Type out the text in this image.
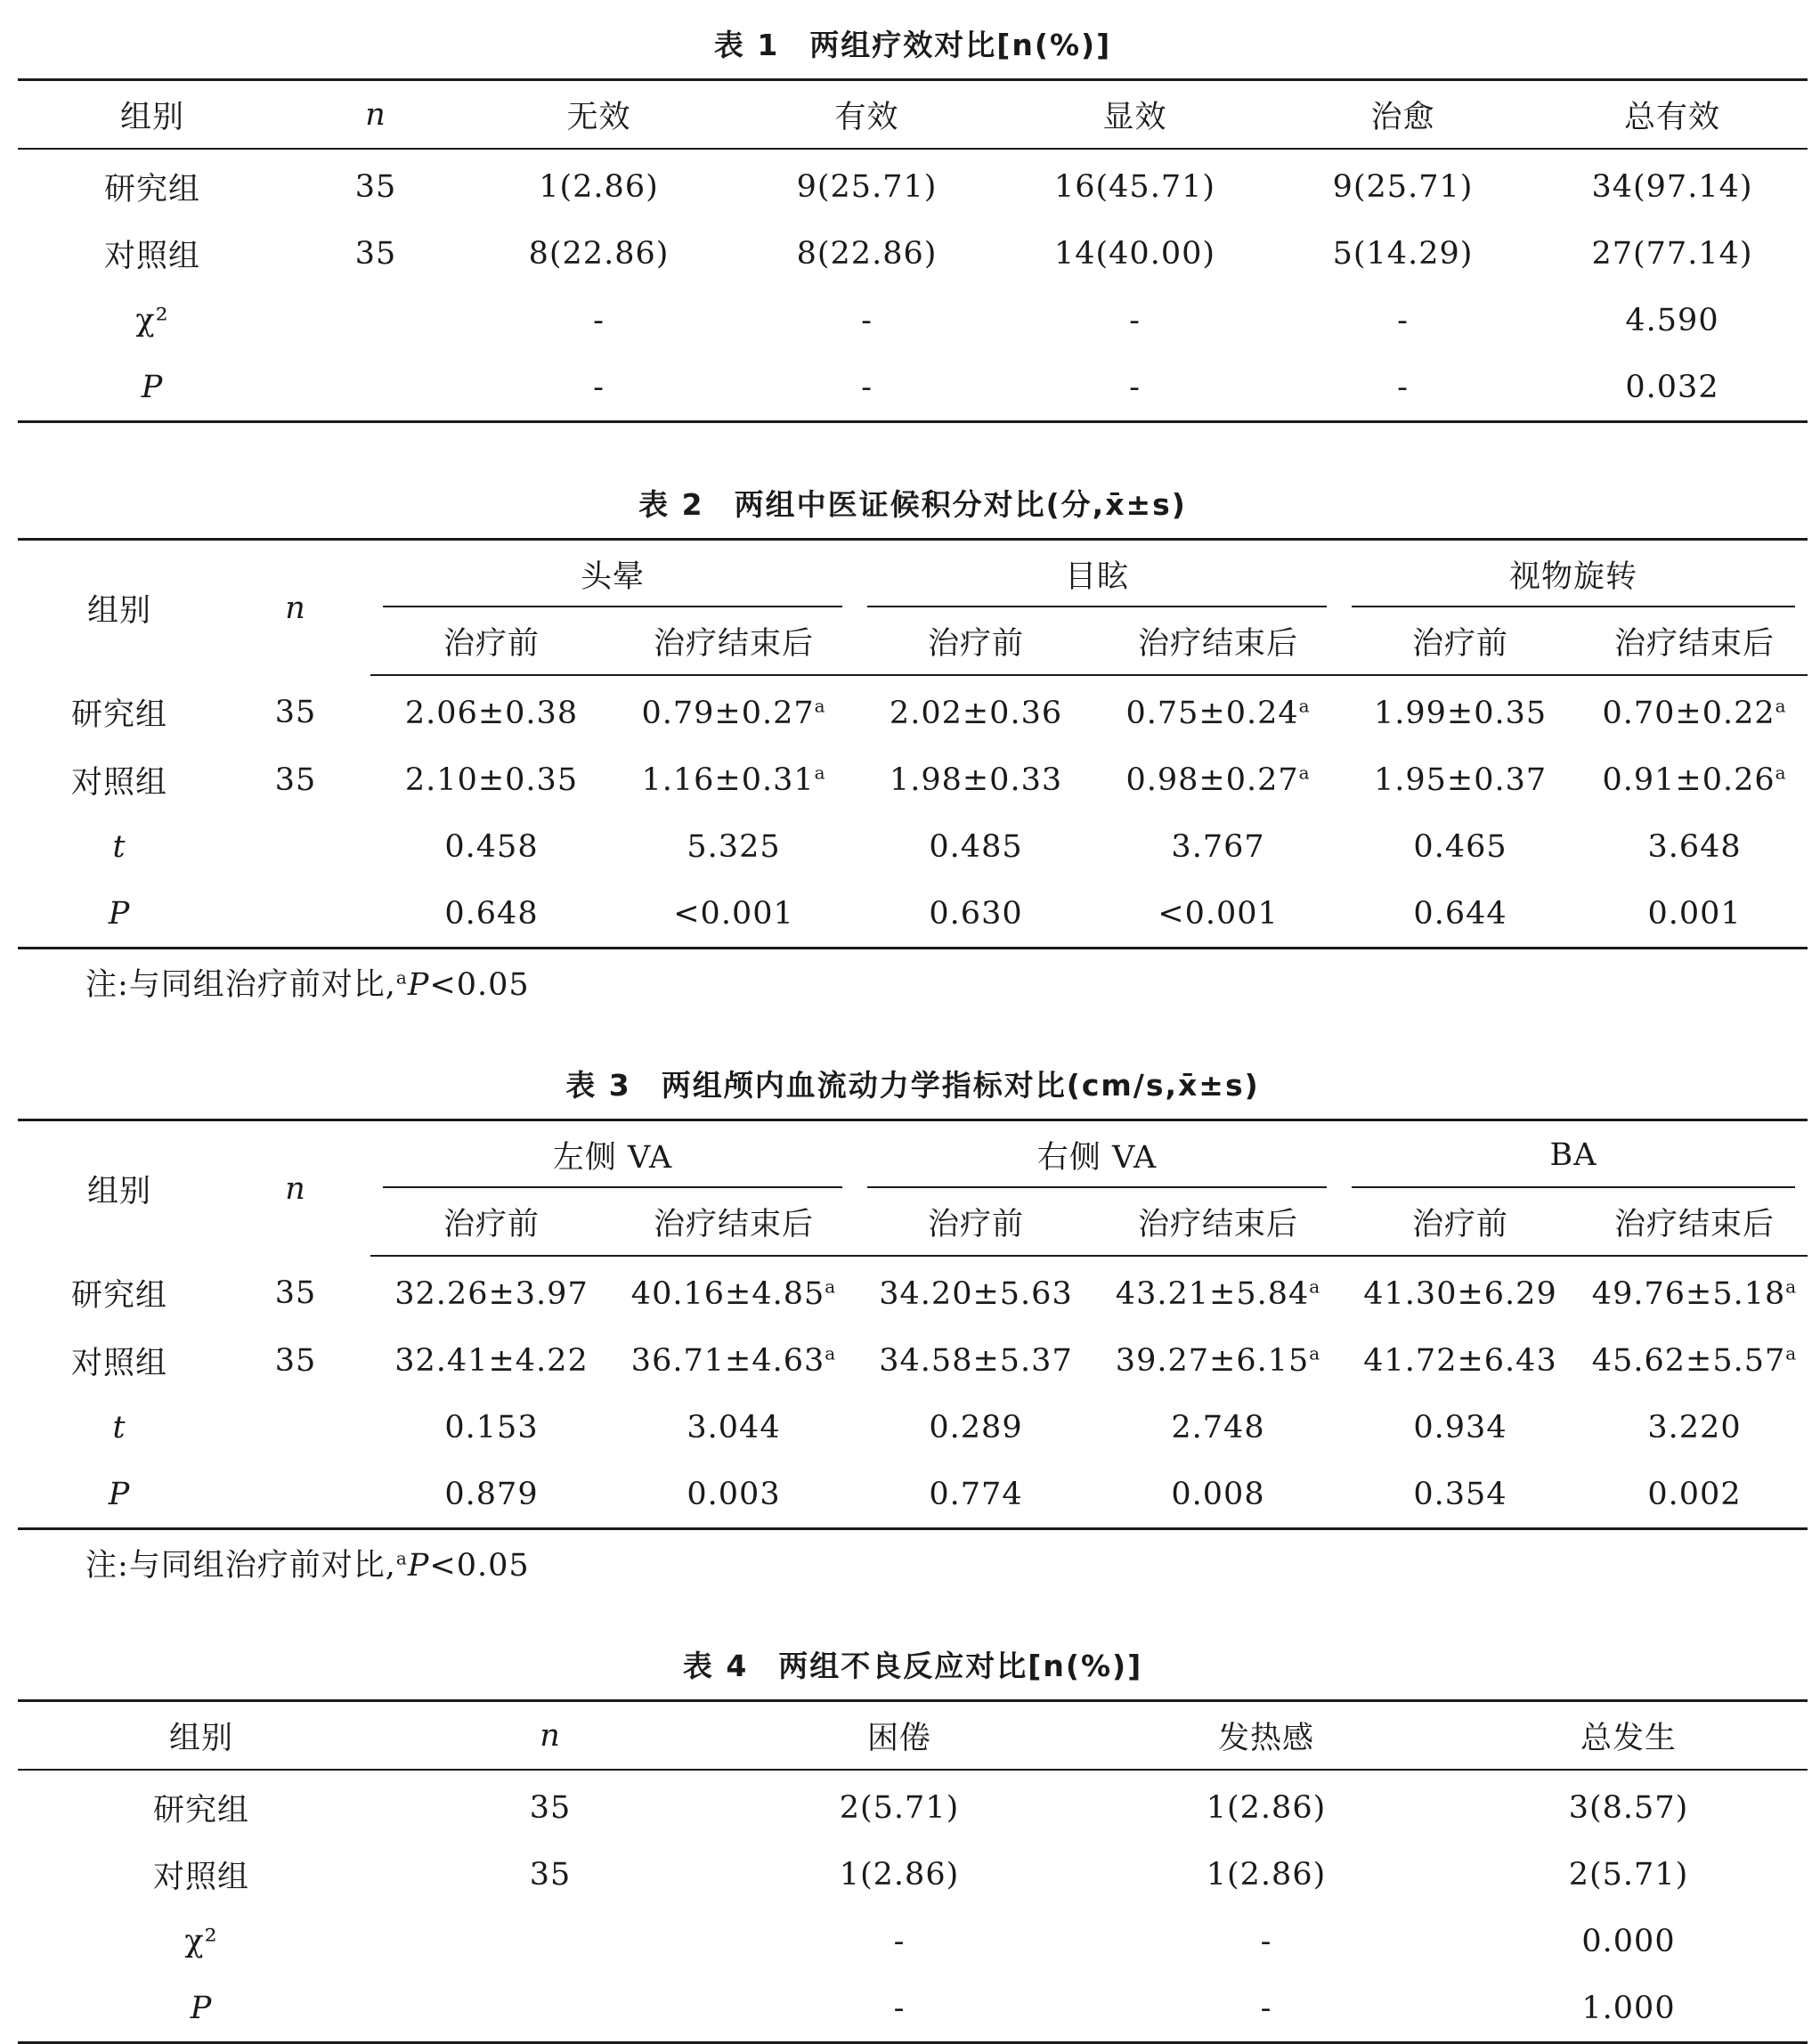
表 1 两组疗效对比[n(%)]
组别	n	无效	有效	显效	治愈	总有效
研究组	35	1(2.86)	9(25.71)	16(45.71)	9(25.71)	34(97.14)
对照组	35	8(22.86)	8(22.86)	14(40.00)	5(14.29)	27(77.14)
χ²		-	-	-	-	4.590
P		-	-	-	-	0.032
表 2 两组中医证候积分对比(分,x̄±s)
组别	n	头晕		目眩		视物旋转	
		治疗前	治疗结束后	治疗前	治疗结束后	治疗前	治疗结束后
研究组	35	2.06±0.38	0.79±0.27$^a$	2.02±0.36	0.75±0.24$^a$	1.99±0.35	0.70±0.22$^a$
对照组	35	2.10±0.35	1.16±0.31$^a$	1.98±0.33	0.98±0.27$^a$	1.95±0.37	0.91±0.26$^a$
t		0.458	5.325	0.485	3.767	0.465	3.648
P		0.648	<0.001	0.630	<0.001	0.644	0.001
注:与同组治疗前对比,$^a$P<0.05
表 3 两组颅内血流动力学指标对比(cm/s,x̄±s)
组别	n	左侧 VA		右侧 VA		BA	
		治疗前	治疗结束后	治疗前	治疗结束后	治疗前	治疗结束后
研究组	35	32.26±3.97	40.16±4.85$^a$	34.20±5.63	43.21±5.84$^a$	41.30±6.29	49.76±5.18$^a$
对照组	35	32.41±4.22	36.71±4.63$^a$	34.58±5.37	39.27±6.15$^a$	41.72±6.43	45.62±5.57$^a$
t		0.153	3.044	0.289	2.748	0.934	3.220
P		0.879	0.003	0.774	0.008	0.354	0.002
注:与同组治疗前对比,$^a$P<0.05
表 4 两组不良反应对比[n(%)]
组别	n	困倦	发热感	总发生
研究组	35	2(5.71)	1(2.86)	3(8.57)
对照组	35	1(2.86)	1(2.86)	2(5.71)
χ²		-	-	0.000
P		-	-	1.000
